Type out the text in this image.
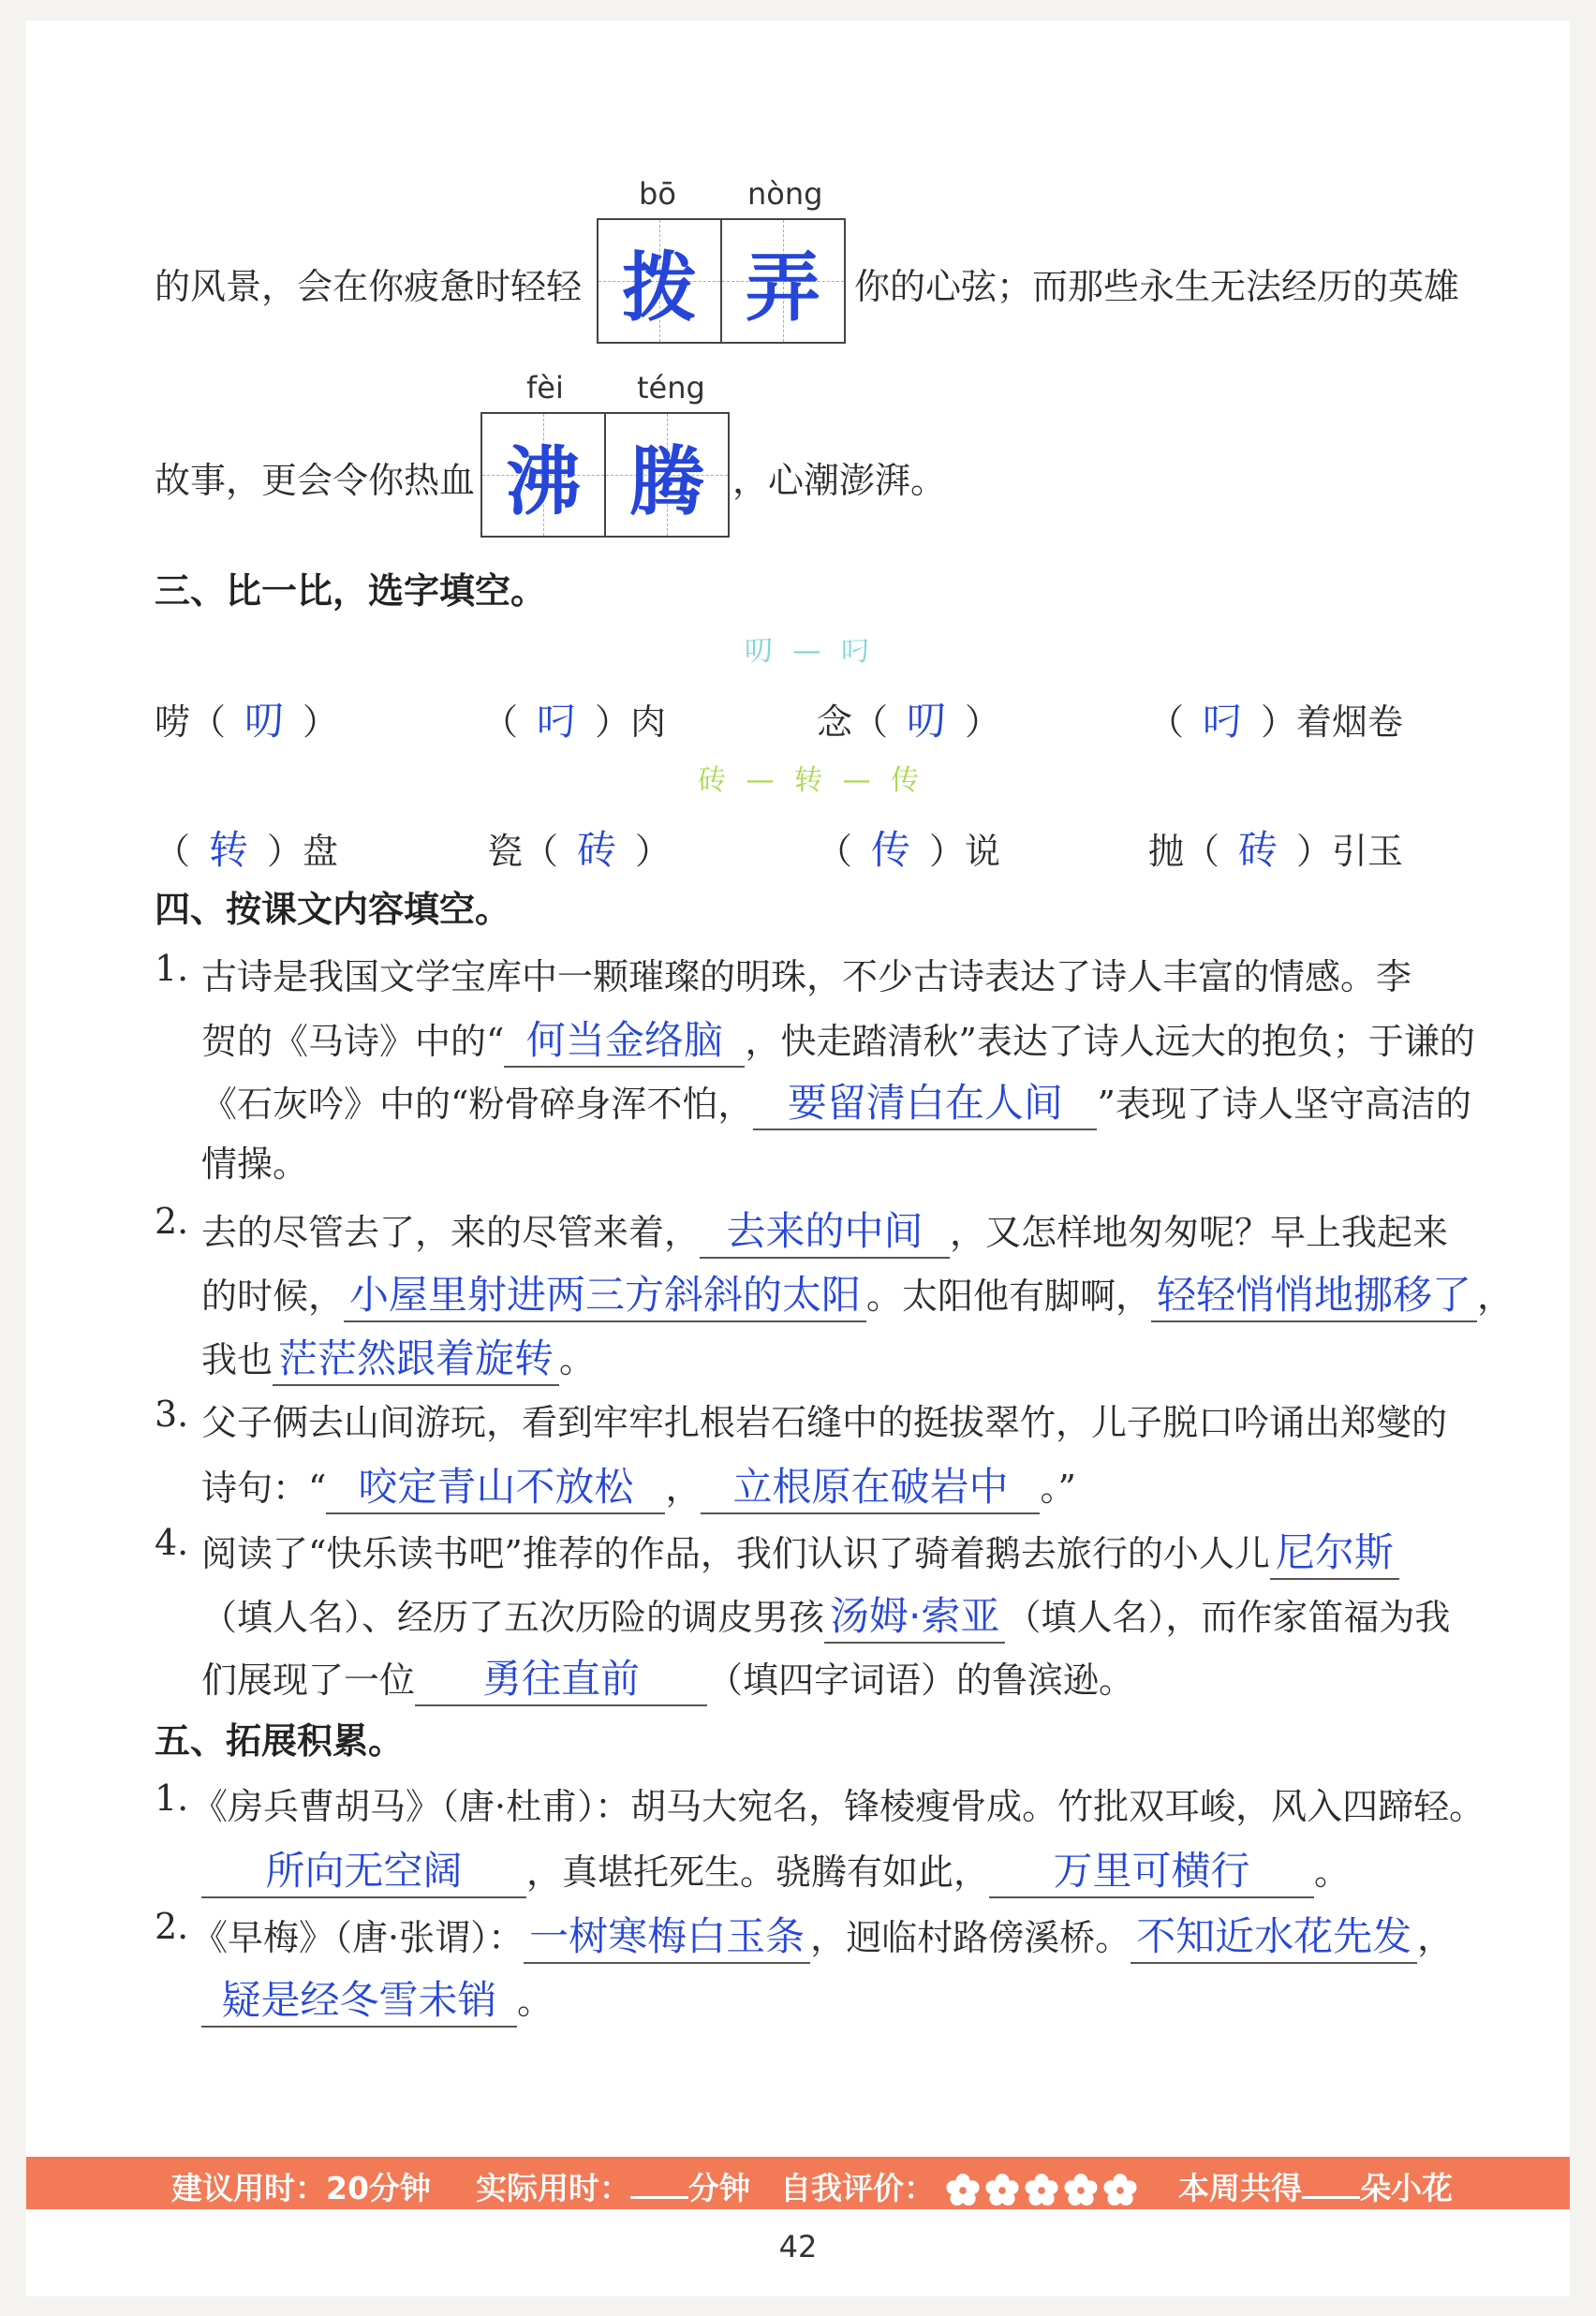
的风景，会在你疲惫时轻轻
bō nòng
拨 弄 你的心弦；而那些永生无法经历的英雄
故事，更会令你热血
fèi téng
沸 腾 ，心潮澎湃。
三、比一比，选字填空。
叨 — 叼
唠（ 叨 ）	（ 叼 ）肉	念（ 叨 ）	（ 叼 ）着烟卷
砖 — 转 — 传
（ 转 ）盘	瓷（ 砖 ）	（ 传 ）说	抛（ 砖 ）引玉
四、按课文内容填空。
1. 古诗是我国文学宝库中一颗璀璨的明珠，不少古诗表达了诗人丰富的情感。李
贺的《马诗》中的“ 何当金络脑 ，快走踏清秋”表达了诗人远大的抱负；于谦的
《石灰吟》中的“粉骨碎身浑不怕， 要留清白在人间 ”表现了诗人坚守高洁的
情操。
2. 去的尽管去了，来的尽管来着， 去来的中间 ，又怎样地匆匆呢？早上我起来
的时候， 小屋里射进两三方斜斜的太阳 。太阳他有脚啊， 轻轻悄悄地挪移了 ，
我也 茫茫然跟着旋转 。
3. 父子俩去山间游玩，看到牢牢扎根岩石缝中的挺拔翠竹，儿子脱口吟诵出郑燮的
诗句：“ 咬定青山不放松 ， 立根原在破岩中 。”
4. 阅读了“快乐读书吧”推荐的作品，我们认识了骑着鹅去旅行的小人儿 尼尔斯
（填人名）、经历了五次历险的调皮男孩 汤姆·索亚 （填人名），而作家笛福为我
们展现了一位 勇往直前 （填四字词语）的鲁滨逊。
五、拓展积累。
1. 《房兵曹胡马》（唐·杜甫）：胡马大宛名，锋棱瘦骨成。竹批双耳峻，风入四蹄轻。
所向无空阔 ，真堪托死生。骁腾有如此， 万里可横行 。
2. 《早梅》（唐·张谓）： 一树寒梅白玉条 ，迥临村路傍溪桥。 不知近水花先发 ，
疑是经冬雪未销 。
建议用时：20分钟 实际用时： 分钟 自我评价：	本周共得 朵小花
42
